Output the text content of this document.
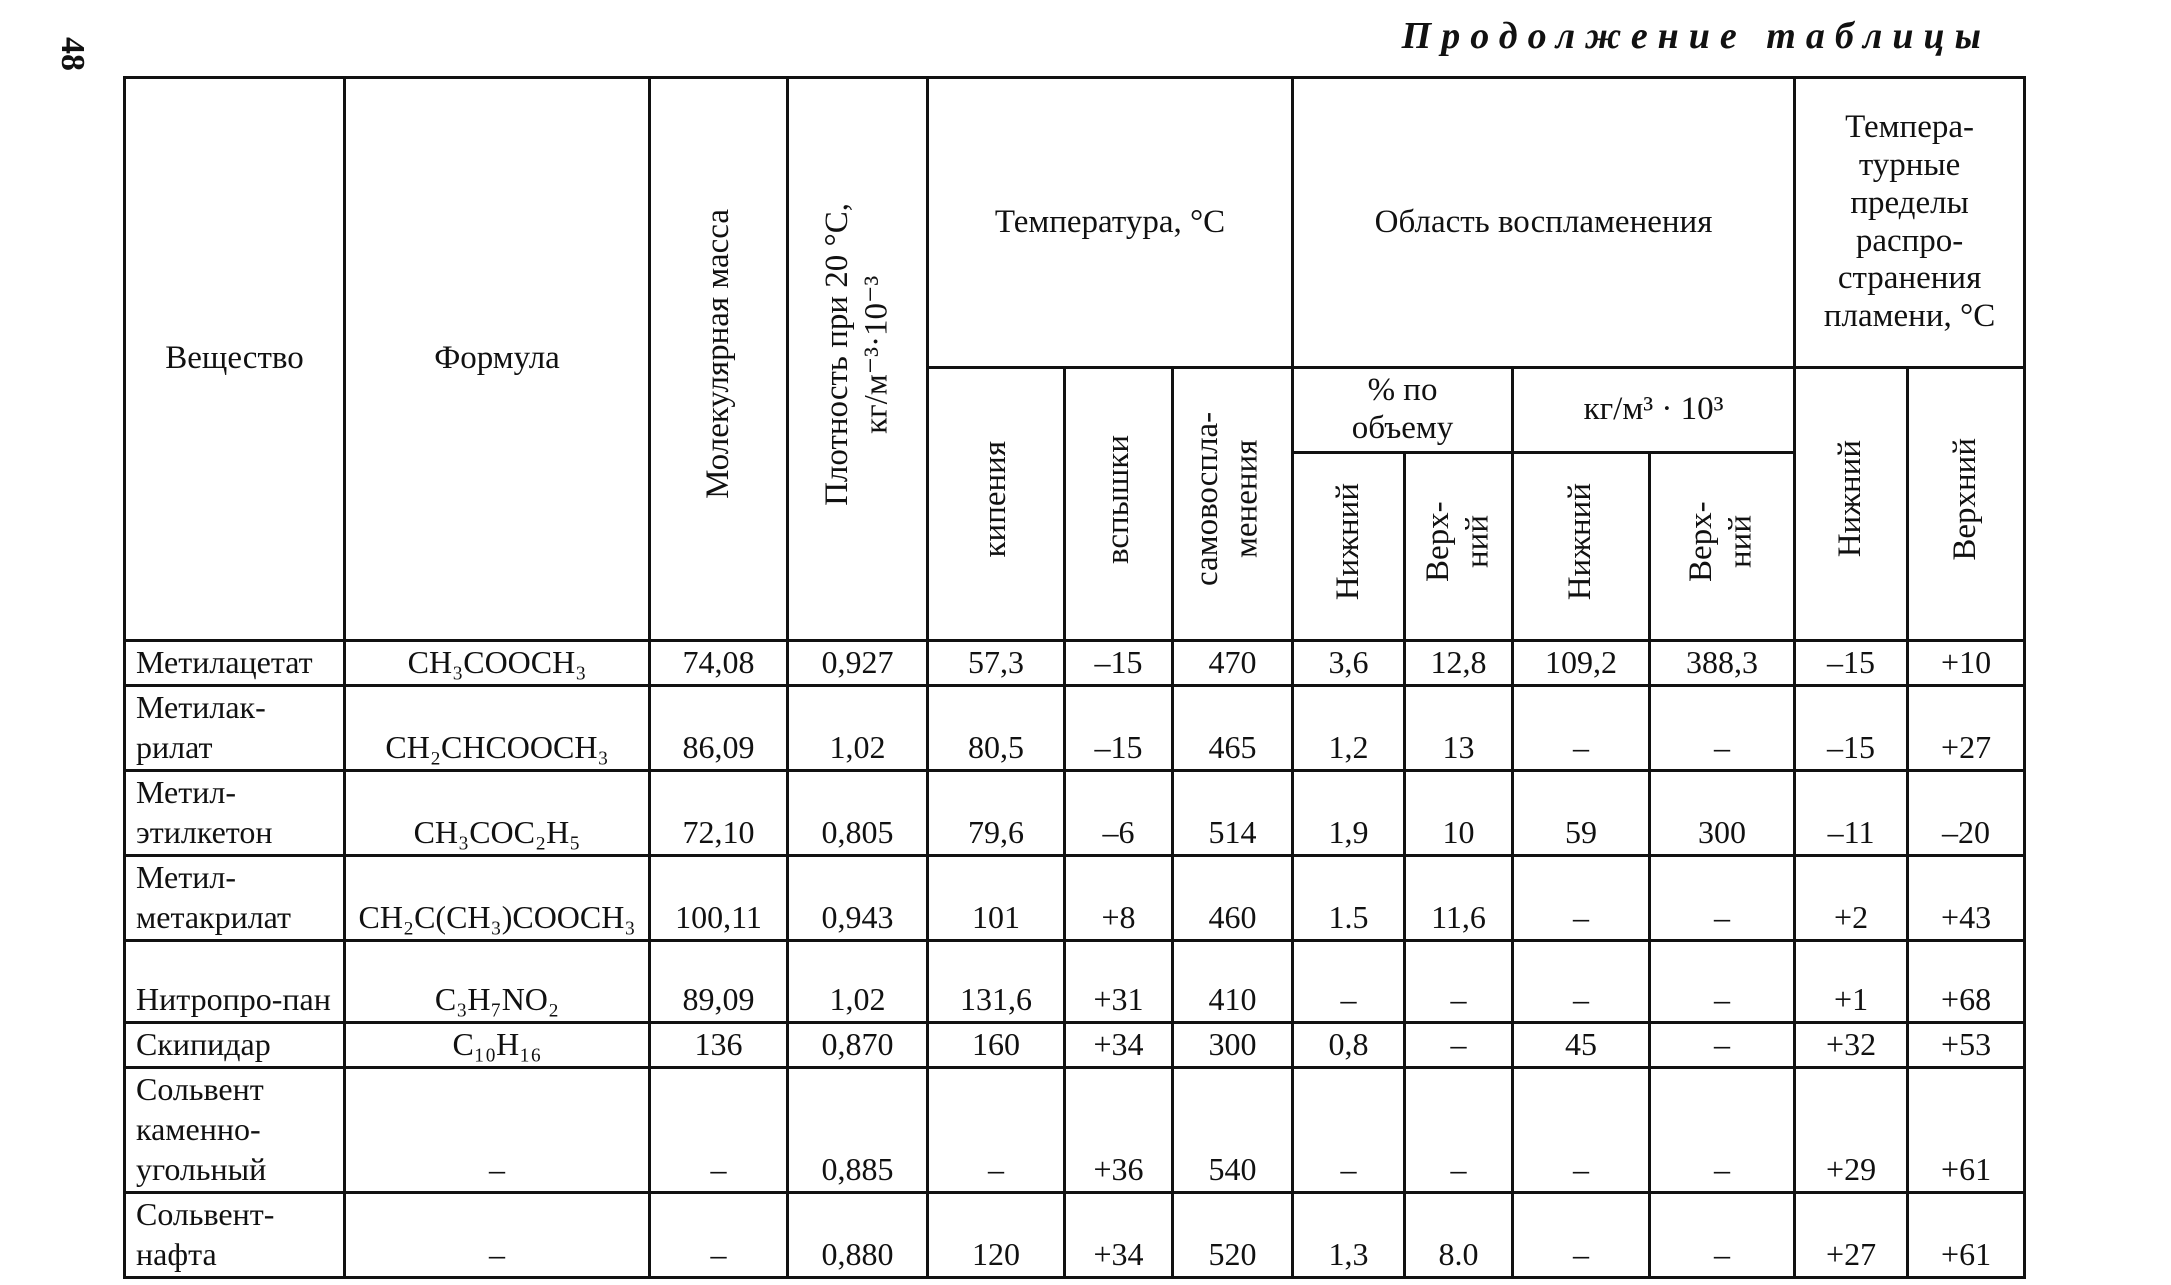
48	Продолжение таблицы
Вещество	Формула	Молекулярная масса	Плотность при 20 °С, кг/м⁻³·10⁻³	Температура, °С			Область воспламенения				Темпера-турные пределы распро-странения пламени, °С	
				кипения	вспышки	самовоспла-менения	% по объему		кг/м³ · 10³		Нижний	Верхний
							Нижний	Верх-ний	Нижний	Верх-ний		
Метилацетат	CH₃COOCH₃	74,08	0,927	57,3	–15	470	3,6	12,8	109,2	388,3	–15	+10
Метилак-рилат	CH₂CHCOOCH₃	86,09	1,02	80,5	–15	465	1,2	13	–	–	–15	+27
Метил-этилкетон	CH₃COC₂H₅	72,10	0,805	79,6	–6	514	1,9	10	59	300	–11	–20
Метил-метакрилат	CH₂C(CH₃)COOCH₃	100,11	0,943	101	+8	460	1.5	11,6	–	–	+2	+43
Нитропро-пан	C₃H₇NO₂	89,09	1,02	131,6	+31	410	–	–	–	–	+1	+68
Скипидар	C₁₀H₁₆	136	0,870	160	+34	300	0,8	–	45	–	+32	+53
Сольвент каменно-угольный	–	–	0,885	–	+36	540	–	–	–	–	+29	+61
Сольвент-нафта	–	–	0,880	120	+34	520	1,3	8.0	–	–	+27	+61
